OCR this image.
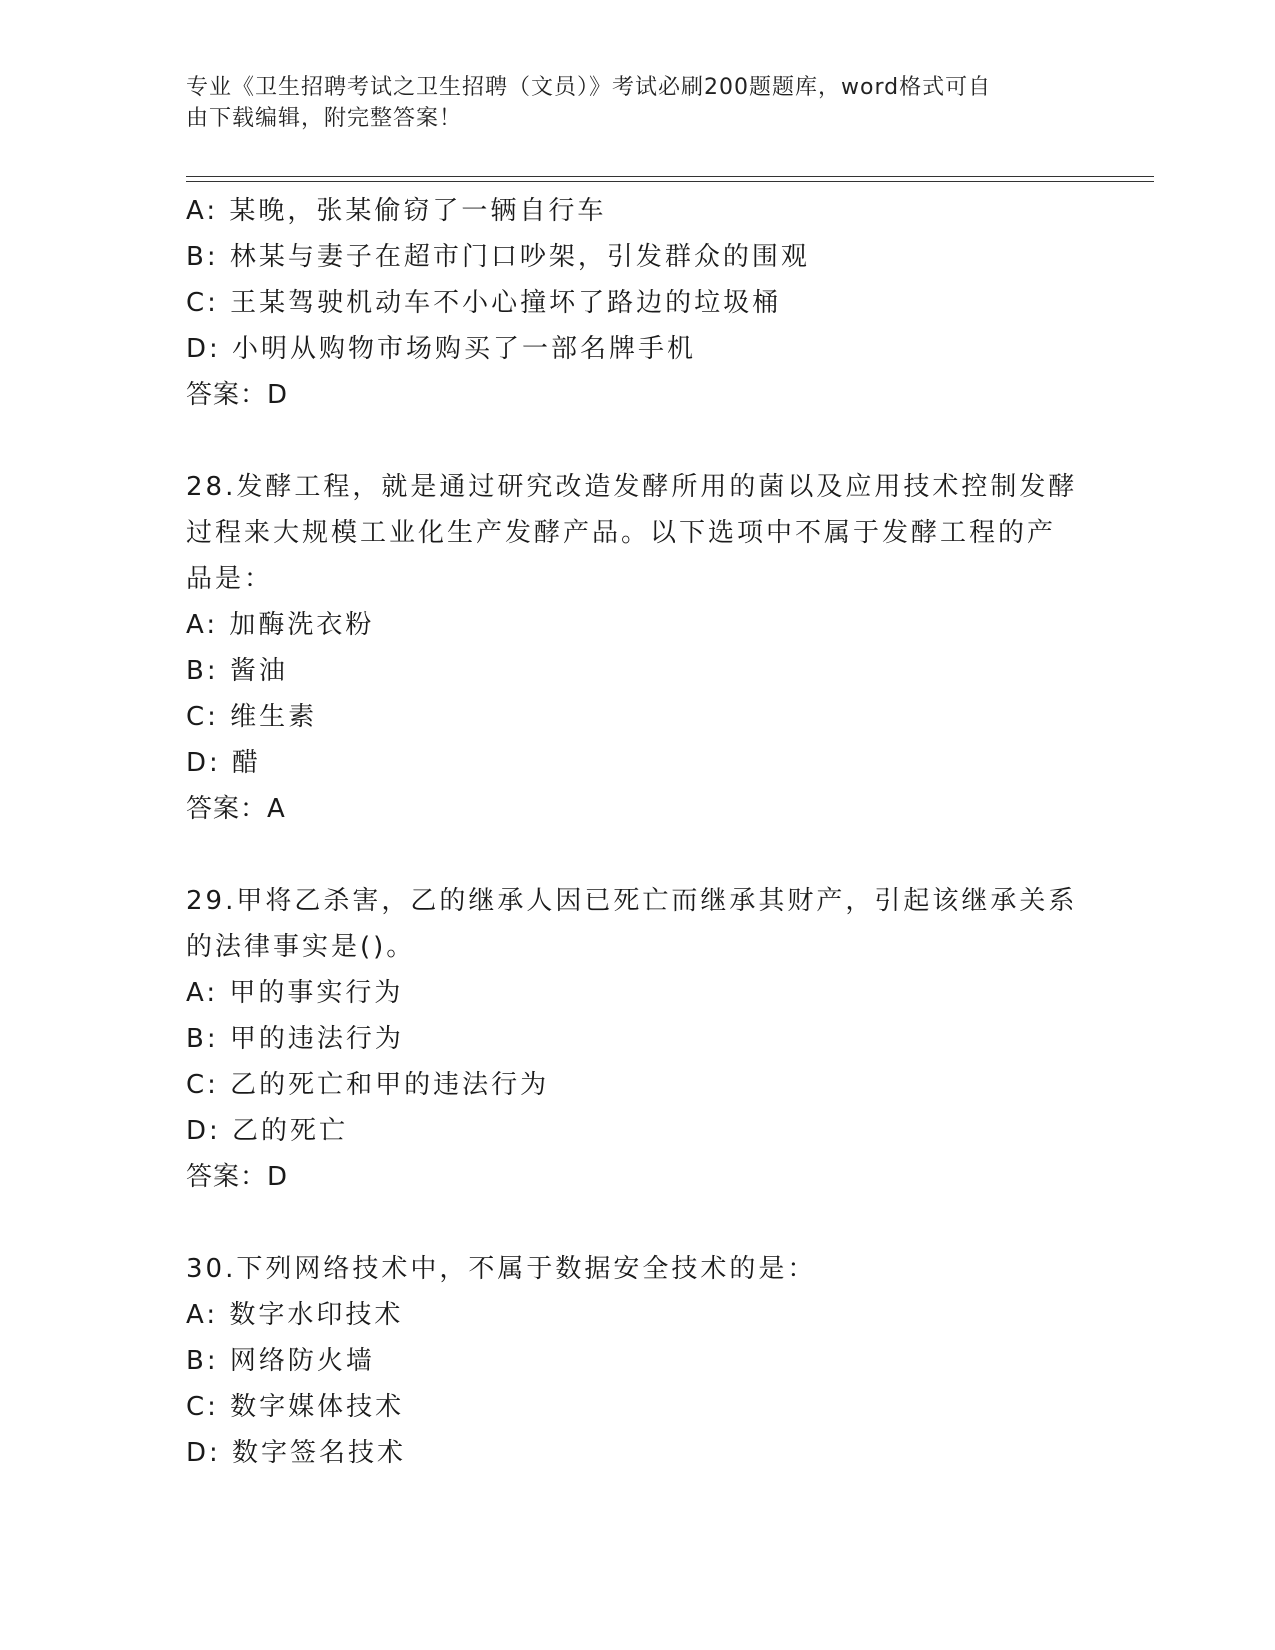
专业《卫生招聘考试之卫生招聘（文员）》考试必刷200题题库，word格式可自
由下载编辑，附完整答案！
A: 某晚，张某偷窃了一辆自行车
B: 林某与妻子在超市门口吵架，引发群众的围观
C: 王某驾驶机动车不小心撞坏了路边的垃圾桶
D: 小明从购物市场购买了一部名牌手机
答案：D
28.发酵工程，就是通过研究改造发酵所用的菌以及应用技术控制发酵
过程来大规模工业化生产发酵产品。以下选项中不属于发酵工程的产
品是：
A: 加酶洗衣粉
B: 酱油
C: 维生素
D: 醋
答案：A
29.甲将乙杀害，乙的继承人因已死亡而继承其财产，引起该继承关系
的法律事实是()。
A: 甲的事实行为
B: 甲的违法行为
C: 乙的死亡和甲的违法行为
D: 乙的死亡
答案：D
30.下列网络技术中，不属于数据安全技术的是：
A: 数字水印技术
B: 网络防火墙
C: 数字媒体技术
D: 数字签名技术
